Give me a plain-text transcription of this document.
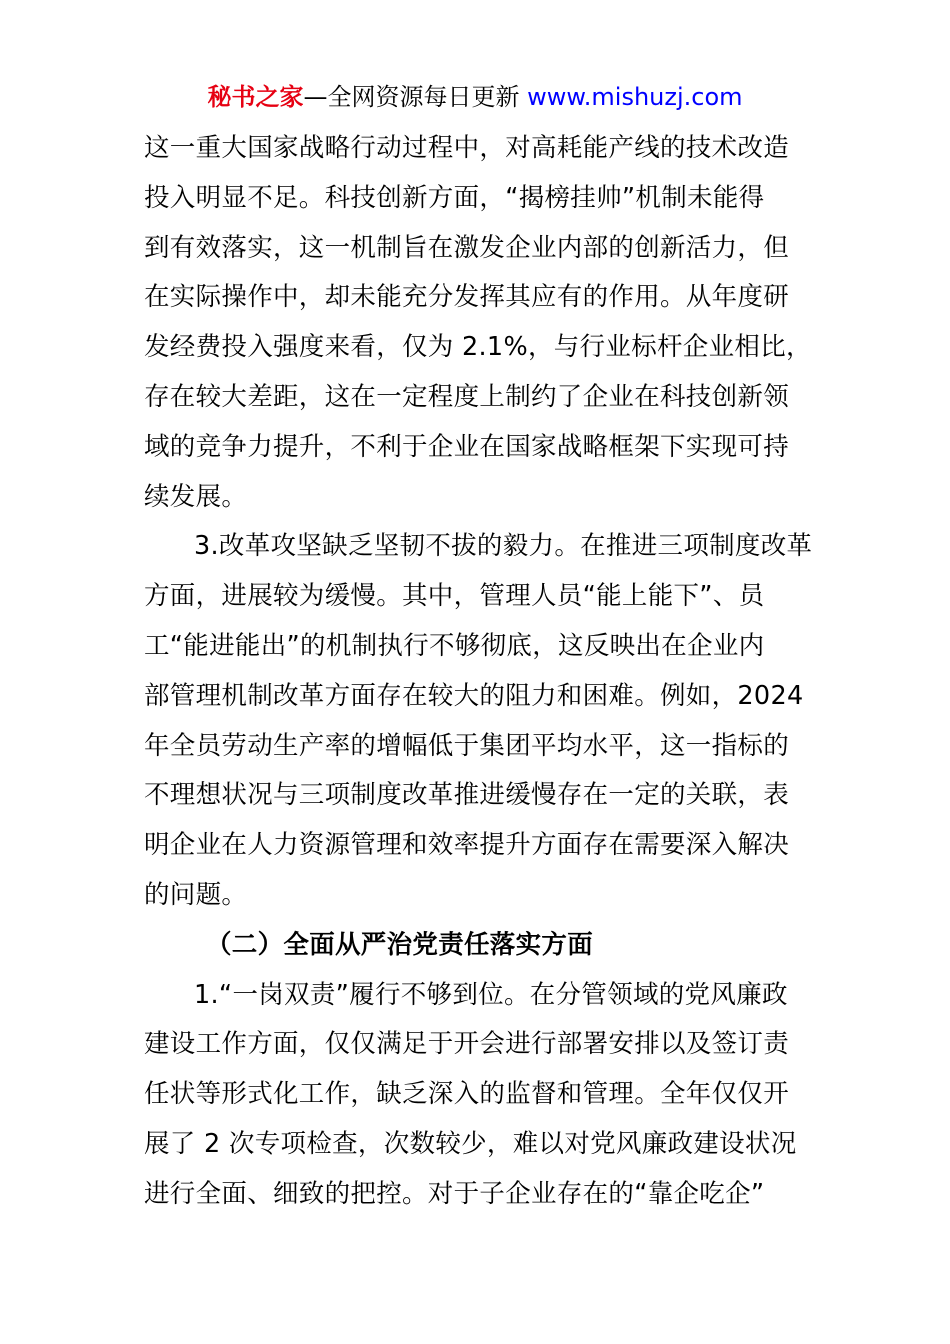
秘书之家—全网资源每日更新 www.mishuzj.com
这一重大国家战略行动过程中，对高耗能产线的技术改造
投入明显不足。科技创新方面，“揭榜挂帅”机制未能得
到有效落实，这一机制旨在激发企业内部的创新活力，但
在实际操作中，却未能充分发挥其应有的作用。从年度研
发经费投入强度来看，仅为 2.1%，与行业标杆企业相比，
存在较大差距，这在一定程度上制约了企业在科技创新领
域的竞争力提升，不利于企业在国家战略框架下实现可持
续发展。
3.改革攻坚缺乏坚韧不拔的毅力。在推进三项制度改革
方面，进展较为缓慢。其中，管理人员“能上能下”、员
工“能进能出”的机制执行不够彻底，这反映出在企业内
部管理机制改革方面存在较大的阻力和困难。例如，2024
年全员劳动生产率的增幅低于集团平均水平，这一指标的
不理想状况与三项制度改革推进缓慢存在一定的关联，表
明企业在人力资源管理和效率提升方面存在需要深入解决
的问题。
（二）全面从严治党责任落实方面
1.“一岗双责”履行不够到位。在分管领域的党风廉政
建设工作方面，仅仅满足于开会进行部署安排以及签订责
任状等形式化工作，缺乏深入的监督和管理。全年仅仅开
展了 2 次专项检查，次数较少，难以对党风廉政建设状况
进行全面、细致的把控。对于子企业存在的“靠企吃企”
